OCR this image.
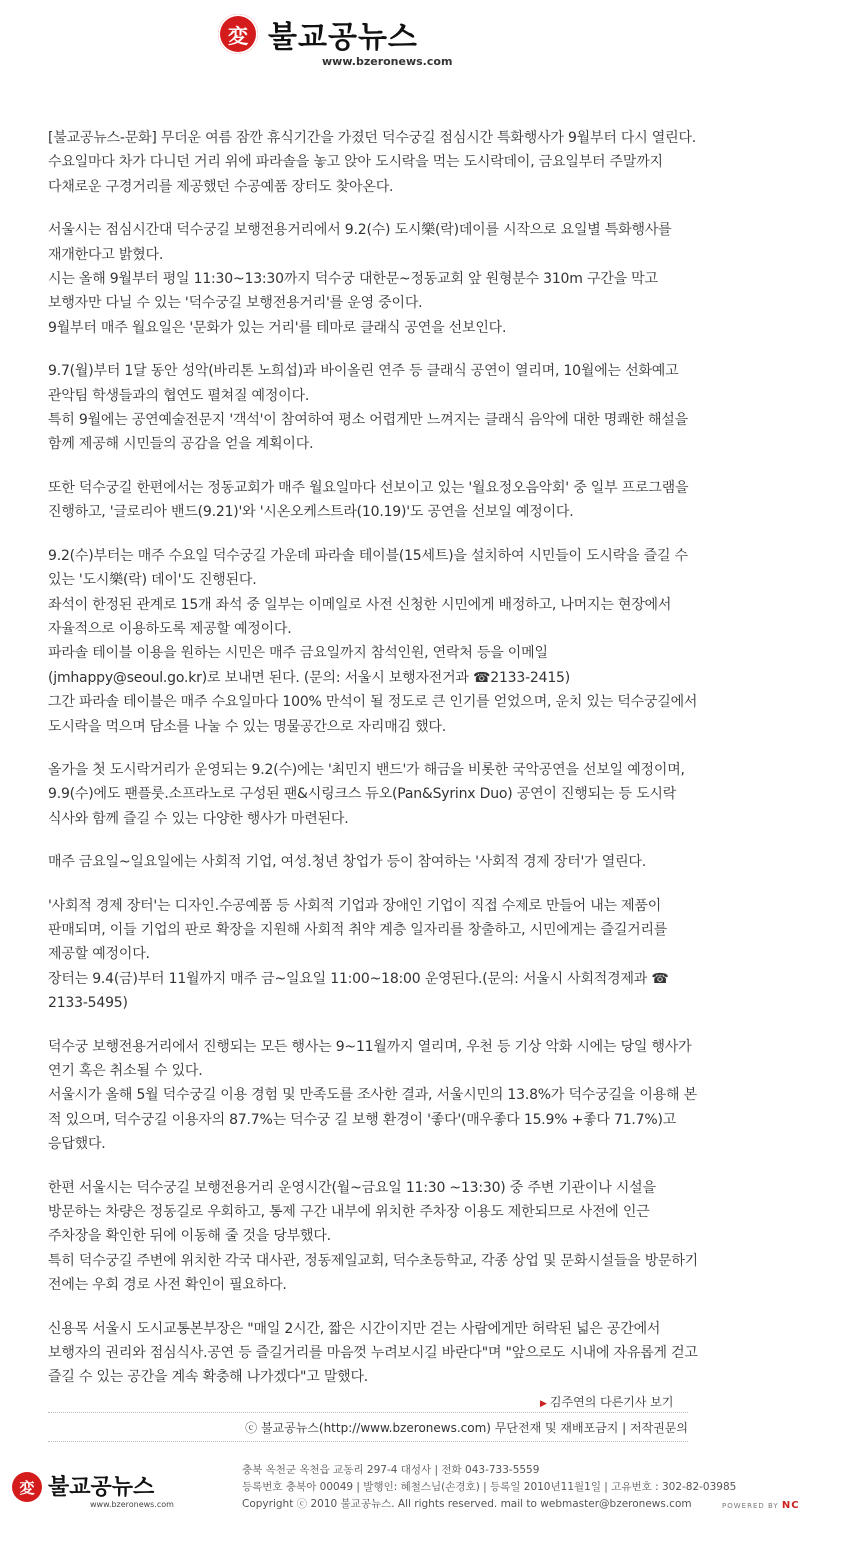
変 불교공뉴스
www.bzeronews.com

[불교공뉴스-문화] 무더운 여름 잠깐 휴식기간을 가졌던 덕수궁길 점심시간 특화행사가 9월부터 다시 열린다. 수요일마다 차가 다니던 거리 위에 파라솔을 놓고 앉아 도시락을 먹는 도시락데이, 금요일부터 주말까지 다채로운 구경거리를 제공했던 수공예품 장터도 찾아온다.

서울시는 점심시간대 덕수궁길 보행전용거리에서 9.2(수) 도시樂(락)데이를 시작으로 요일별 특화행사를 재개한다고 밝혔다.
시는 올해 9월부터 평일 11:30~13:30까지 덕수궁 대한문~정동교회 앞 원형분수 310m 구간을 막고 보행자만 다닐 수 있는 '덕수궁길 보행전용거리'를 운영 중이다.
9월부터 매주 월요일은 '문화가 있는 거리'를 테마로 클래식 공연을 선보인다.

9.7(월)부터 1달 동안 성악(바리톤 노희섭)과 바이올린 연주 등 클래식 공연이 열리며, 10월에는 선화예고 관악팀 학생들과의 협연도 펼쳐질 예정이다.
특히 9월에는 공연예술전문지 '객석'이 참여하여 평소 어렵게만 느껴지는 클래식 음악에 대한 명쾌한 해설을 함께 제공해 시민들의 공감을 얻을 계획이다.

또한 덕수궁길 한편에서는 정동교회가 매주 월요일마다 선보이고 있는 '월요정오음악회' 중 일부 프로그램을 진행하고, '글로리아 밴드(9.21)'와 '시온오케스트라(10.19)'도 공연을 선보일 예정이다.

9.2(수)부터는 매주 수요일 덕수궁길 가운데 파라솔 테이블(15세트)을 설치하여 시민들이 도시락을 즐길 수 있는 '도시樂(락) 데이'도 진행된다.
좌석이 한정된 관계로 15개 좌석 중 일부는 이메일로 사전 신청한 시민에게 배정하고, 나머지는 현장에서 자율적으로 이용하도록 제공할 예정이다.
파라솔 테이블 이용을 원하는 시민은 매주 금요일까지 참석인원, 연락처 등을 이메일 (jmhappy@seoul.go.kr)로 보내면 된다. (문의: 서울시 보행자전거과 ☎2133-2415)
그간 파라솔 테이블은 매주 수요일마다 100% 만석이 될 정도로 큰 인기를 얻었으며, 운치 있는 덕수궁길에서 도시락을 먹으며 담소를 나눌 수 있는 명물공간으로 자리매김 했다.

올가을 첫 도시락거리가 운영되는 9.2(수)에는 '최민지 밴드'가 해금을 비롯한 국악공연을 선보일 예정이며, 9.9(수)에도 팬플룻.소프라노로 구성된 팬&시링크스 듀오(Pan&Syrinx Duo) 공연이 진행되는 등 도시락 식사와 함께 즐길 수 있는 다양한 행사가 마련된다.

매주 금요일~일요일에는 사회적 기업, 여성.청년 창업가 등이 참여하는 '사회적 경제 장터'가 열린다.

'사회적 경제 장터'는 디자인.수공예품 등 사회적 기업과 장애인 기업이 직접 수제로 만들어 내는 제품이 판매되며, 이들 기업의 판로 확장을 지원해 사회적 취약 계층 일자리를 창출하고, 시민에게는 즐길거리를 제공할 예정이다.
장터는 9.4(금)부터 11월까지 매주 금~일요일 11:00~18:00 운영된다.(문의: 서울시 사회적경제과 ☎ 2133-5495)

덕수궁 보행전용거리에서 진행되는 모든 행사는 9~11월까지 열리며, 우천 등 기상 악화 시에는 당일 행사가 연기 혹은 취소될 수 있다.
서울시가 올해 5월 덕수궁길 이용 경험 및 만족도를 조사한 결과, 서울시민의 13.8%가 덕수궁길을 이용해 본 적 있으며, 덕수궁길 이용자의 87.7%는 덕수궁 길 보행 환경이 '좋다'(매우좋다 15.9% +좋다 71.7%)고 응답했다.

한편 서울시는 덕수궁길 보행전용거리 운영시간(월~금요일 11:30 ~13:30) 중 주변 기관이나 시설을 방문하는 차량은 정동길로 우회하고, 통제 구간 내부에 위치한 주차장 이용도 제한되므로 사전에 인근 주차장을 확인한 뒤에 이동해 줄 것을 당부했다.
특히 덕수궁길 주변에 위치한 각국 대사관, 정동제일교회, 덕수초등학교, 각종 상업 및 문화시설들을 방문하기 전에는 우회 경로 사전 확인이 필요하다.

신용목 서울시 도시교통본부장은 "매일 2시간, 짧은 시간이지만 걷는 사람에게만 허락된 넓은 공간에서 보행자의 권리와 점심식사.공연 등 즐길거리를 마음껏 누려보시길 바란다"며 "앞으로도 시내에 자유롭게 걷고 즐길 수 있는 공간을 계속 확충해 나가겠다"고 말했다.

▶ 김주연의 다른기사 보기
ⓒ 불교공뉴스(http://www.bzeronews.com) 무단전재 및 재배포금지 | 저작권문의
変 불교공뉴스
www.bzeronews.com
충북 옥천군 옥천읍 교동리 297-4 대성사 | 전화 043-733-5559
등록번호 충북아 00049 | 발행인: 혜철스님(손경호) | 등록일 2010년11월1일 | 고유번호 : 302-82-03985
Copyright ⓒ 2010 불교공뉴스. All rights reserved. mail to webmaster@bzeronews.com	POWERED BY NC
